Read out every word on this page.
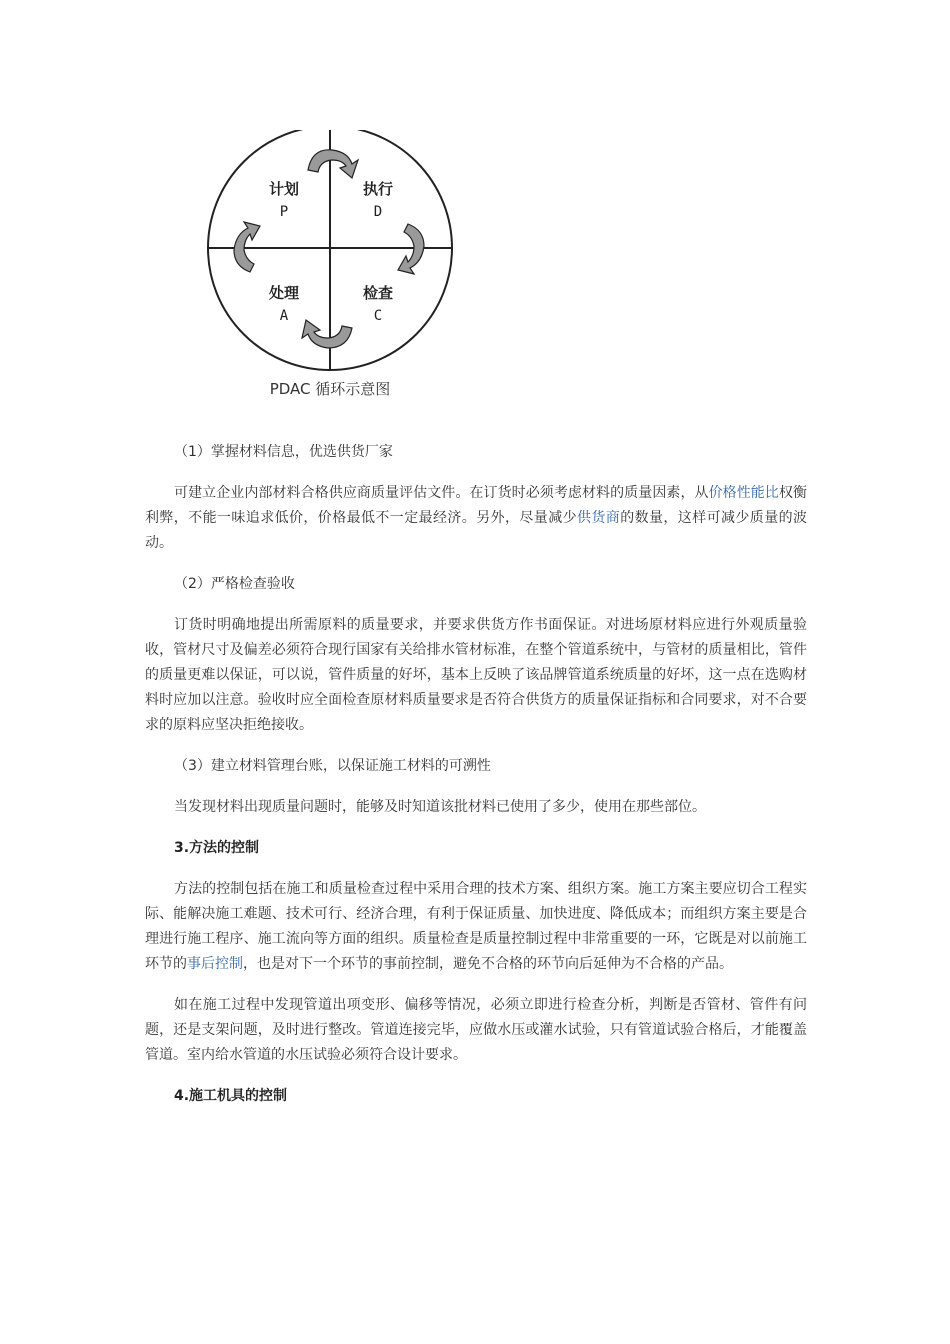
计划
P
执行
D
处理
A
检查
C
PDAC 循环示意图

（1）掌握材料信息，优选供货厂家

可建立企业内部材料合格供应商质量评估文件。在订货时必须考虑材料的质量因素，从价格性能比权衡利弊，不能一味追求低价，价格最低不一定最经济。另外，尽量减少供货商的数量，这样可减少质量的波动。

（2）严格检查验收

订货时明确地提出所需原料的质量要求，并要求供货方作书面保证。对进场原材料应进行外观质量验收，管材尺寸及偏差必须符合现行国家有关给排水管材标准，在整个管道系统中，与管材的质量相比，管件的质量更难以保证，可以说，管件质量的好坏，基本上反映了该品牌管道系统质量的好坏，这一点在选购材料时应加以注意。验收时应全面检查原材料质量要求是否符合供货方的质量保证指标和合同要求，对不合要求的原料应坚决拒绝接收。

（3）建立材料管理台账，以保证施工材料的可溯性

当发现材料出现质量问题时，能够及时知道该批材料已使用了多少，使用在那些部位。

3.方法的控制

方法的控制包括在施工和质量检查过程中采用合理的技术方案、组织方案。施工方案主要应切合工程实际、能解决施工难题、技术可行、经济合理，有利于保证质量、加快进度、降低成本；而组织方案主要是合理进行施工程序、施工流向等方面的组织。质量检查是质量控制过程中非常重要的一环，它既是对以前施工环节的事后控制，也是对下一个环节的事前控制，避免不合格的环节向后延伸为不合格的产品。

如在施工过程中发现管道出项变形、偏移等情况，必须立即进行检查分析，判断是否管材、管件有问题，还是支架问题，及时进行整改。管道连接完毕，应做水压或灌水试验，只有管道试验合格后，才能覆盖管道。室内给水管道的水压试验必须符合设计要求。

4.施工机具的控制
